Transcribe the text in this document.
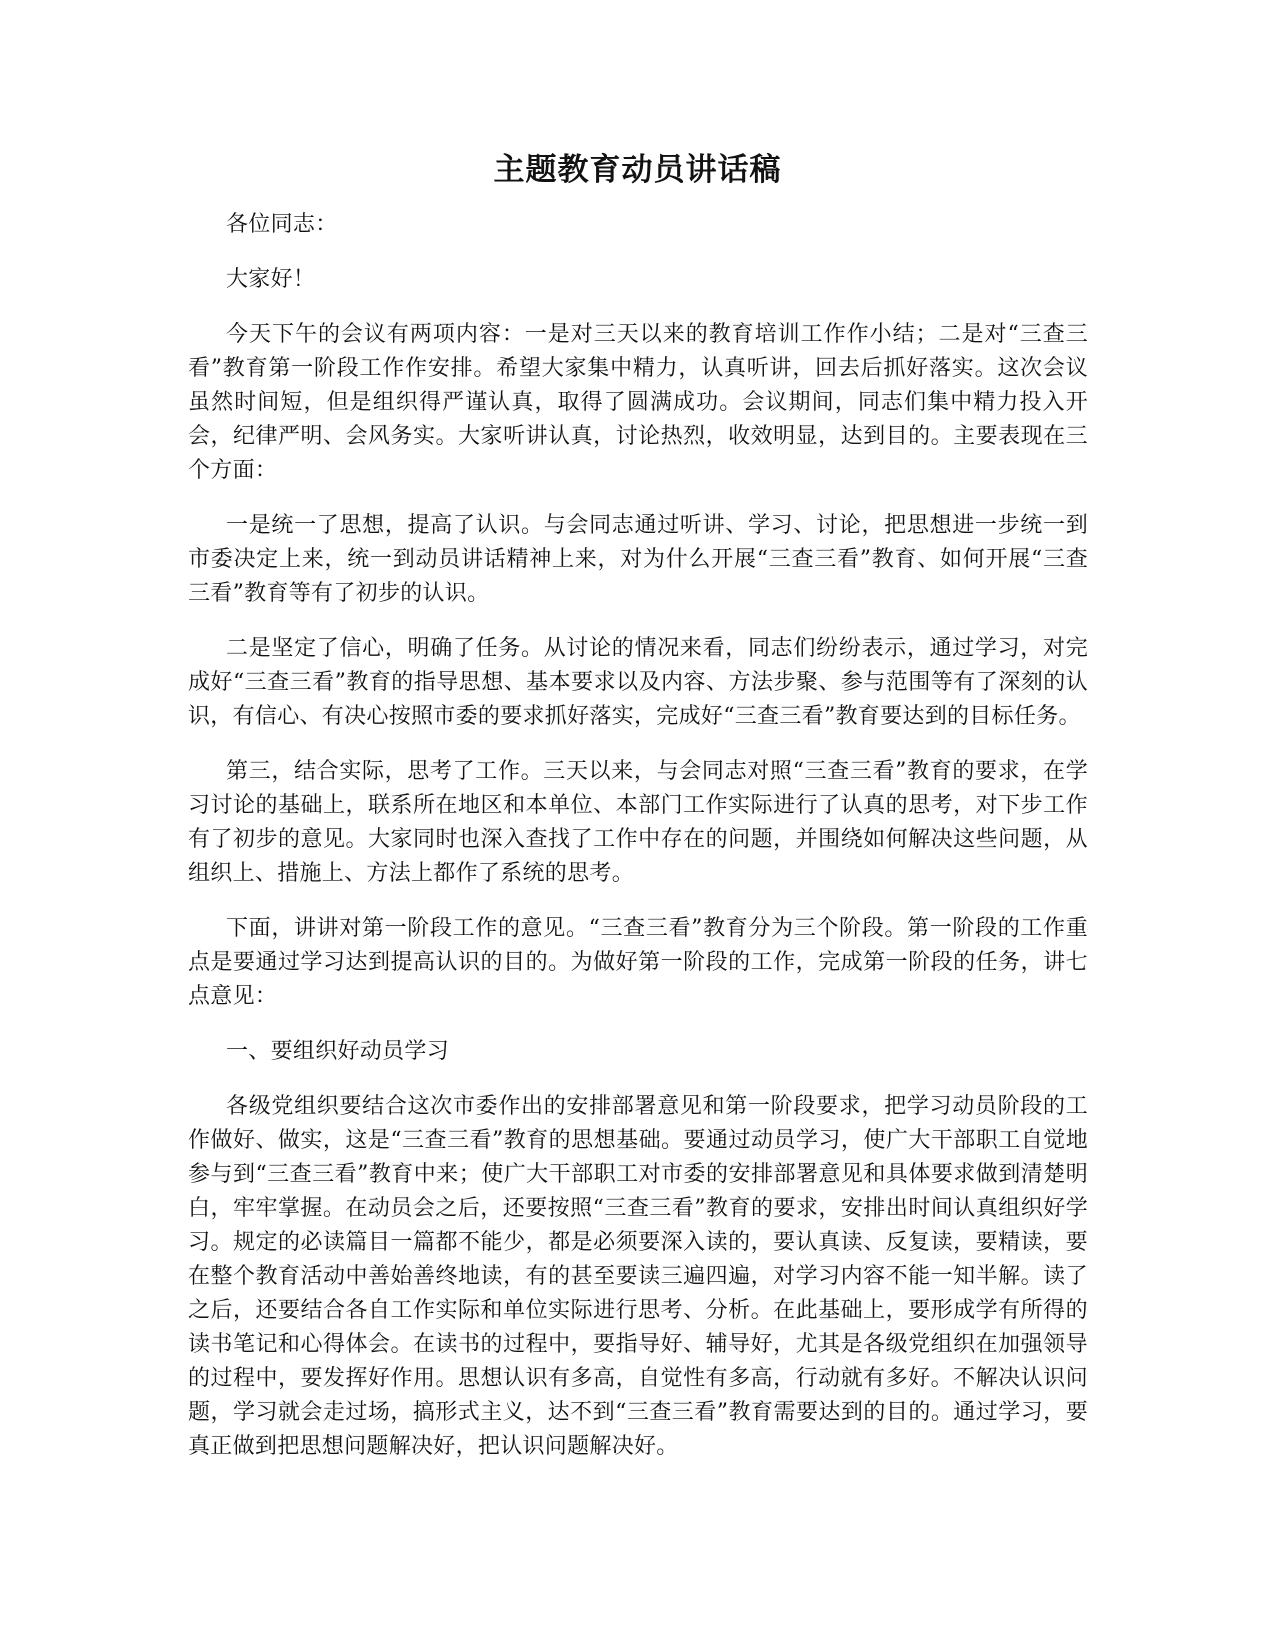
主题教育动员讲话稿

各位同志：

大家好！

今天下午的会议有两项内容：一是对三天以来的教育培训工作作小结；二是对“三查三看”教育第一阶段工作作安排。希望大家集中精力，认真听讲，回去后抓好落实。这次会议虽然时间短，但是组织得严谨认真，取得了圆满成功。会议期间，同志们集中精力投入开会，纪律严明、会风务实。大家听讲认真，讨论热烈，收效明显，达到目的。主要表现在三个方面：

一是统一了思想，提高了认识。与会同志通过听讲、学习、讨论，把思想进一步统一到市委决定上来，统一到动员讲话精神上来，对为什么开展“三查三看”教育、如何开展“三查三看”教育等有了初步的认识。

二是坚定了信心，明确了任务。从讨论的情况来看，同志们纷纷表示，通过学习，对完成好“三查三看”教育的指导思想、基本要求以及内容、方法步聚、参与范围等有了深刻的认识，有信心、有决心按照市委的要求抓好落实，完成好“三查三看”教育要达到的目标任务。

第三，结合实际，思考了工作。三天以来，与会同志对照“三查三看”教育的要求，在学习讨论的基础上，联系所在地区和本单位、本部门工作实际进行了认真的思考，对下步工作有了初步的意见。大家同时也深入查找了工作中存在的问题，并围绕如何解决这些问题，从组织上、措施上、方法上都作了系统的思考。

下面，讲讲对第一阶段工作的意见。“三查三看”教育分为三个阶段。第一阶段的工作重点是要通过学习达到提高认识的目的。为做好第一阶段的工作，完成第一阶段的任务，讲七点意见：

一、要组织好动员学习

各级党组织要结合这次市委作出的安排部署意见和第一阶段要求，把学习动员阶段的工作做好、做实，这是“三查三看”教育的思想基础。要通过动员学习，使广大干部职工自觉地参与到“三查三看”教育中来；使广大干部职工对市委的安排部署意见和具体要求做到清楚明白，牢牢掌握。在动员会之后，还要按照“三查三看”教育的要求，安排出时间认真组织好学习。规定的必读篇目一篇都不能少，都是必须要深入读的，要认真读、反复读，要精读，要在整个教育活动中善始善终地读，有的甚至要读三遍四遍，对学习内容不能一知半解。读了之后，还要结合各自工作实际和单位实际进行思考、分析。在此基础上，要形成学有所得的读书笔记和心得体会。在读书的过程中，要指导好、辅导好，尤其是各级党组织在加强领导的过程中，要发挥好作用。思想认识有多高，自觉性有多高，行动就有多好。不解决认识问题，学习就会走过场，搞形式主义，达不到“三查三看”教育需要达到的目的。通过学习，要真正做到把思想问题解决好，把认识问题解决好。
